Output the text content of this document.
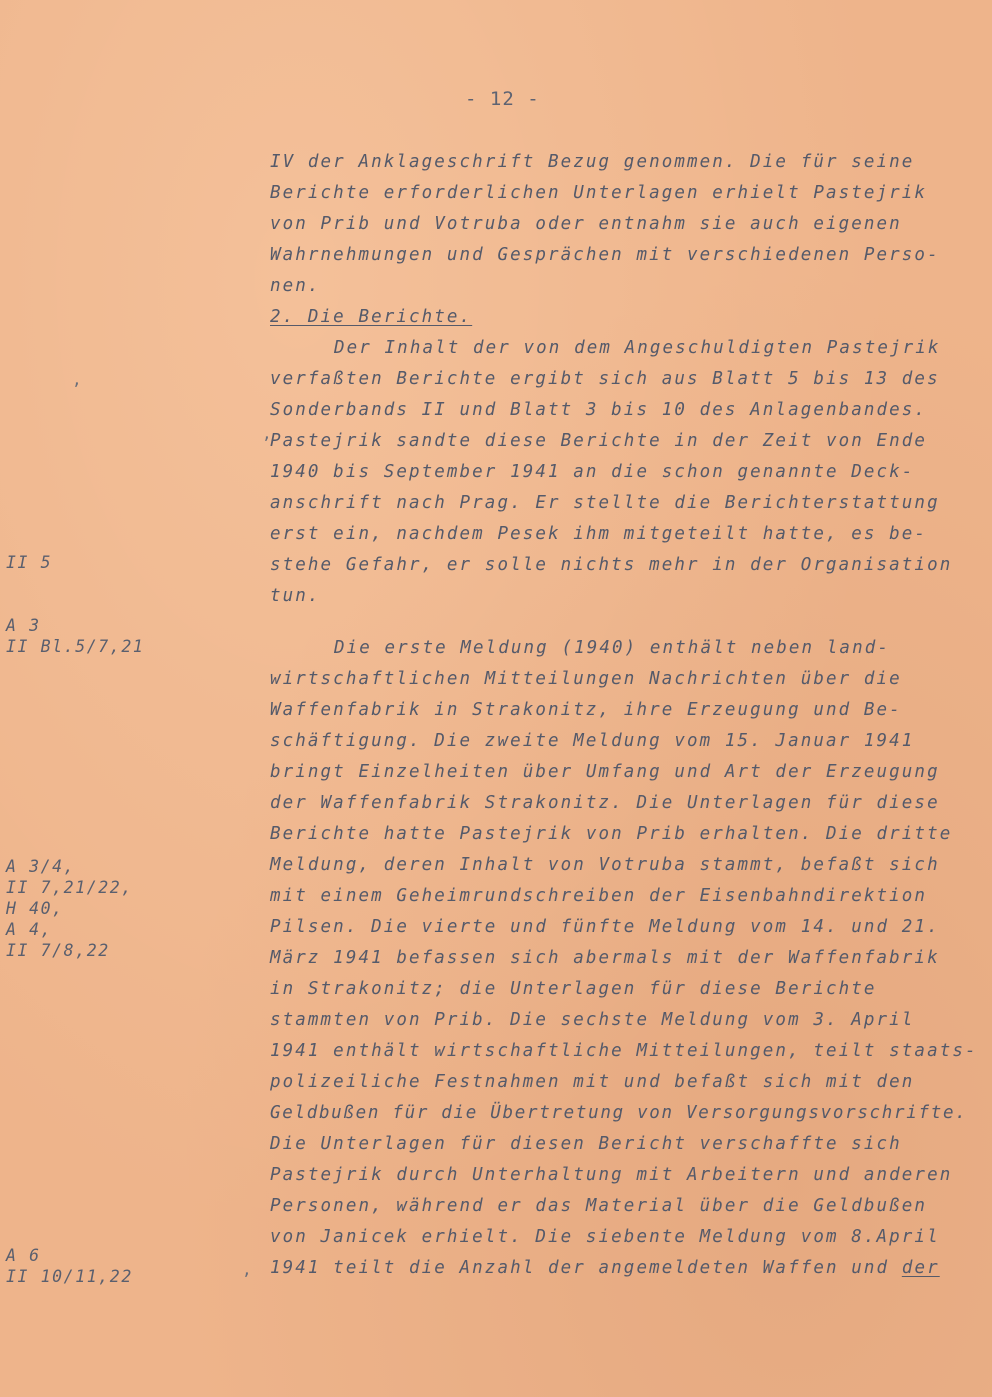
- 12 -
IV der Anklageschrift Bezug genommen. Die für seine
Berichte erforderlichen Unterlagen erhielt Pastejrik
von Prib und Votruba oder entnahm sie auch eigenen
Wahrnehmungen und Gesprächen mit verschiedenen Perso-
nen.
2. Die Berichte.
Der Inhalt der von dem Angeschuldigten Pastejrik
verfaßten Berichte ergibt sich aus Blatt 5 bis 13 des
Sonderbands II und Blatt 3 bis 10 des Anlagenbandes.
Pastejrik sandte diese Berichte in der Zeit von Ende
1940 bis September 1941 an die schon genannte Deck-
anschrift nach Prag. Er stellte die Berichterstattung
erst ein, nachdem Pesek ihm mitgeteilt hatte, es be-
stehe Gefahr, er solle nichts mehr in der Organisation
tun.
Die erste Meldung (1940) enthält neben land-
wirtschaftlichen Mitteilungen Nachrichten über die
Waffenfabrik in Strakonitz, ihre Erzeugung und Be-
schäftigung. Die zweite Meldung vom 15. Januar 1941
bringt Einzelheiten über Umfang und Art der Erzeugung
der Waffenfabrik Strakonitz. Die Unterlagen für diese
Berichte hatte Pastejrik von Prib erhalten. Die dritte
Meldung, deren Inhalt von Votruba stammt, befaßt sich
mit einem Geheimrundschreiben der Eisenbahndirektion
Pilsen. Die vierte und fünfte Meldung vom 14. und 21.
März 1941 befassen sich abermals mit der Waffenfabrik
in Strakonitz; die Unterlagen für diese Berichte
stammten von Prib. Die sechste Meldung vom 3. April
1941 enthält wirtschaftliche Mitteilungen, teilt staats-
polizeiliche Festnahmen mit und befaßt sich mit den
Geldbußen für die Übertretung von Versorgungsvorschrifte.
Die Unterlagen für diesen Bericht verschaffte sich
Pastejrik durch Unterhaltung mit Arbeitern und anderen
Personen, während er das Material über die Geldbußen
von Janicek erhielt. Die siebente Meldung vom 8.April
1941 teilt die Anzahl der angemeldeten Waffen und der
II 5
A 3
II Bl.5/7,21
A 3/4,
II 7,21/22,
H 40,
A 4,
II 7/8,22
A 6
II 10/11,22
,
,
,
